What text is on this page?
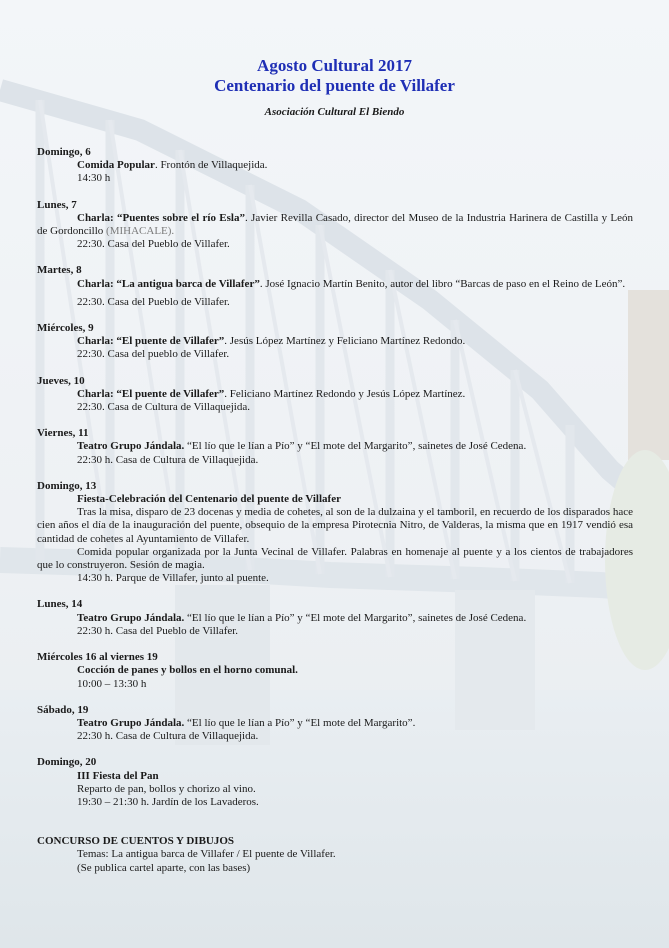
Agosto Cultural 2017
Centenario del puente de Villafer
Asociación Cultural El Biendo
Domingo, 6
Comida Popular. Frontón de Villaquejida.
14:30 h
Lunes, 7
Charla: “Puentes sobre el río Esla”. Javier Revilla Casado, director del Museo de la Industria Harinera de Castilla y León de Gordoncillo (MIHACALE).
22:30. Casa del Pueblo de Villafer.
Martes, 8
Charla: “La antigua barca de Villafer”. José Ignacio Martín Benito, autor del libro “Barcas de paso en el Reino de León”.
22:30. Casa del Pueblo de Villafer.
Miércoles, 9
Charla: “El puente de Villafer”. Jesús López Martínez y Feliciano Martínez Redondo.
22:30. Casa del pueblo de Villafer.
Jueves, 10
Charla: “El puente de Villafer”. Feliciano Martínez Redondo y Jesús López Martínez.
22:30. Casa de Cultura de Villaquejida.
Viernes, 11
Teatro Grupo Jándala. “El lío que le lían a Pío” y “El mote del Margarito”, sainetes de José Cedena.
22:30 h. Casa de Cultura de Villaquejida.
Domingo, 13
Fiesta-Celebración del Centenario del puente de Villafer
Tras la misa, disparo de 23 docenas y media de cohetes, al son de la dulzaina y el tamboril, en recuerdo de los disparados hace cien años el día de la inauguración del puente, obsequio de la empresa Pirotecnia Nitro, de Valderas, la misma que en 1917 vendió esa cantidad de cohetes al Ayuntamiento de Villafer.
Comida popular organizada por la Junta Vecinal de Villafer. Palabras en homenaje al puente y a los cientos de trabajadores que lo construyeron. Sesión de magia.
14:30 h. Parque de Villafer, junto al puente.
Lunes, 14
Teatro Grupo Jándala. “El lío que le lían a Pío” y “El mote del Margarito”, sainetes de José Cedena.
22:30 h. Casa del Pueblo de Villafer.
Miércoles 16 al viernes 19
Cocción de panes y bollos en el horno comunal.
10:00 – 13:30 h
Sábado, 19
Teatro Grupo Jándala. “El lío que le lían a Pío” y “El mote del Margarito”.
22:30 h. Casa de Cultura de Villaquejida.
Domingo, 20
III Fiesta del Pan
Reparto de pan, bollos y chorizo al vino.
19:30 – 21:30 h. Jardín de los Lavaderos.
CONCURSO DE CUENTOS Y DIBUJOS
Temas: La antigua barca de Villafer / El puente de Villafer.
(Se publica cartel aparte, con las bases)
